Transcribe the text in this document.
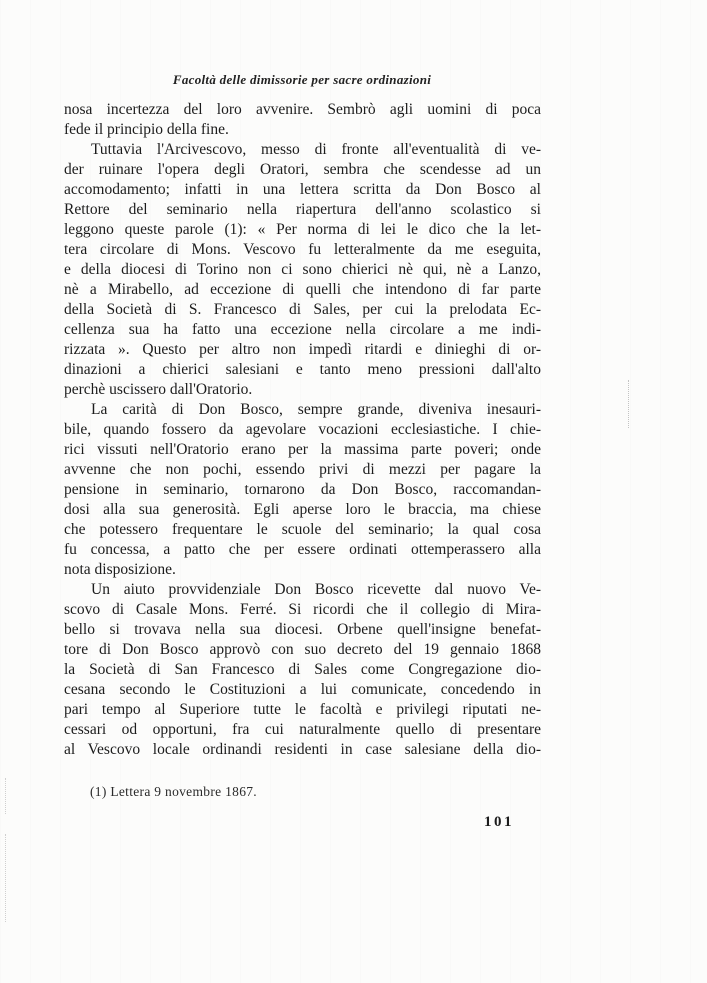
Facoltà delle dimissorie per sacre ordinazioni
nosa incertezza del loro avvenire. Sembrò agli uomini di poca
fede il principio della fine.
Tuttavia l'Arcivescovo, messo di fronte all'eventualità di ve-
der ruinare l'opera degli Oratori, sembra che scendesse ad un
accomodamento; infatti in una lettera scritta da Don Bosco al
Rettore del seminario nella riapertura dell'anno scolastico si
leggono queste parole (1): « Per norma di lei le dico che la let-
tera circolare di Mons. Vescovo fu letteralmente da me eseguita,
e della diocesi di Torino non ci sono chierici nè qui, nè a Lanzo,
nè a Mirabello, ad eccezione di quelli che intendono di far parte
della Società di S. Francesco di Sales, per cui la prelodata Ec-
cellenza sua ha fatto una eccezione nella circolare a me indi-
rizzata ». Questo per altro non impedì ritardi e dinieghi di or-
dinazioni a chierici salesiani e tanto meno pressioni dall'alto
perchè uscissero dall'Oratorio.
La carità di Don Bosco, sempre grande, diveniva inesauri-
bile, quando fossero da agevolare vocazioni ecclesiastiche. I chie-
rici vissuti nell'Oratorio erano per la massima parte poveri; onde
avvenne che non pochi, essendo privi di mezzi per pagare la
pensione in seminario, tornarono da Don Bosco, raccomandan-
dosi alla sua generosità. Egli aperse loro le braccia, ma chiese
che potessero frequentare le scuole del seminario; la qual cosa
fu concessa, a patto che per essere ordinati ottemperassero alla
nota disposizione.
Un aiuto provvidenziale Don Bosco ricevette dal nuovo Ve-
scovo di Casale Mons. Ferré. Si ricordi che il collegio di Mira-
bello si trovava nella sua diocesi. Orbene quell'insigne benefat-
tore di Don Bosco approvò con suo decreto del 19 gennaio 1868
la Società di San Francesco di Sales come Congregazione dio-
cesana secondo le Costituzioni a lui comunicate, concedendo in
pari tempo al Superiore tutte le facoltà e privilegi riputati ne-
cessari od opportuni, fra cui naturalmente quello di presentare
al Vescovo locale ordinandi residenti in case salesiane della dio-
(1) Lettera 9 novembre 1867.
101
